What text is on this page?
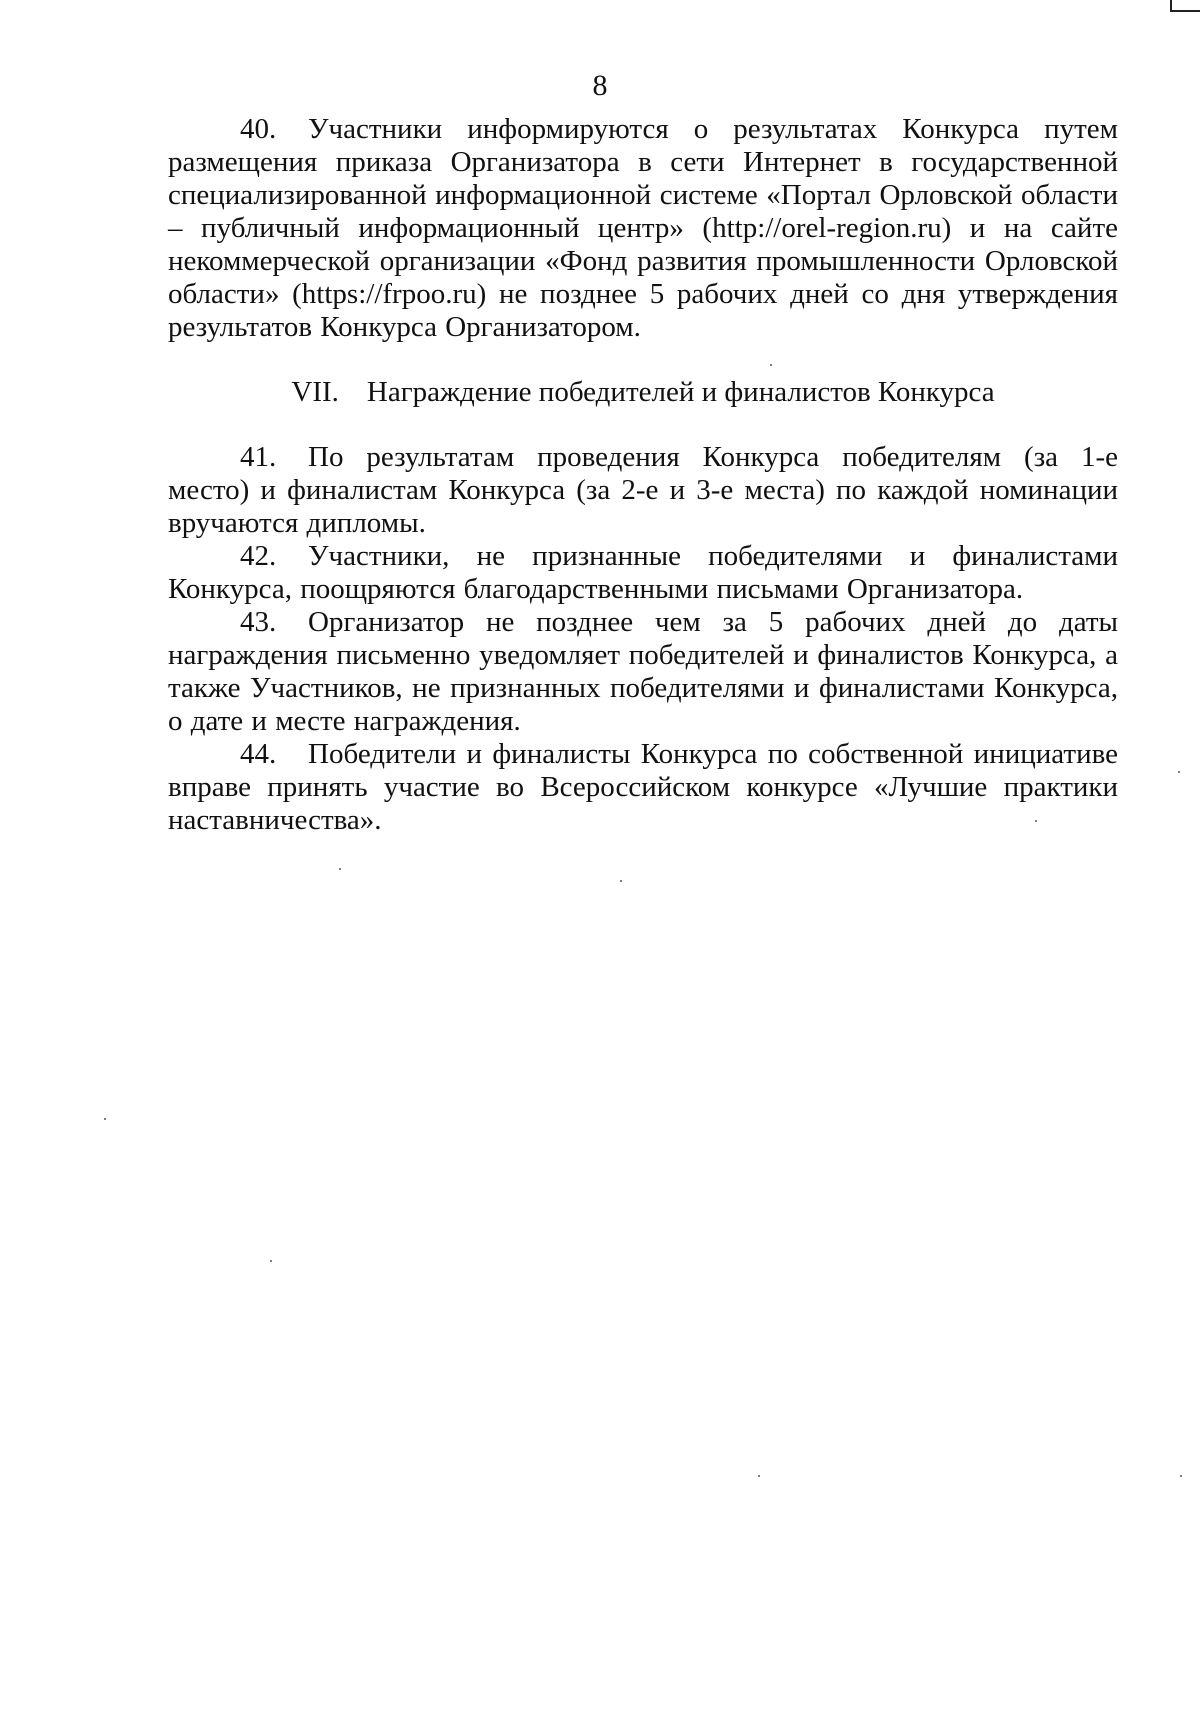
8

40. Участники информируются о результатах Конкурса путем размещения приказа Организатора в сети Интернет в государственной специализированной информационной системе «Портал Орловской области – публичный информационный центр» (http://orel-region.ru) и на сайте некоммерческой организации «Фонд развития промышленности Орловской области» (https://frpoo.ru) не позднее 5 рабочих дней со дня утверждения результатов Конкурса Организатором.

VII. Награждение победителей и финалистов Конкурса

41. По результатам проведения Конкурса победителям (за 1-е место) и финалистам Конкурса (за 2-е и 3-е места) по каждой номинации вручаются дипломы.

42. Участники, не признанные победителями и финалистами Конкурса, поощряются благодарственными письмами Организатора.

43. Организатор не позднее чем за 5 рабочих дней до даты награждения письменно уведомляет победителей и финалистов Конкурса, а также Участников, не признанных победителями и финалистами Конкурса, о дате и месте награждения.

44. Победители и финалисты Конкурса по собственной инициативе вправе принять участие во Всероссийском конкурсе «Лучшие практики наставничества».
